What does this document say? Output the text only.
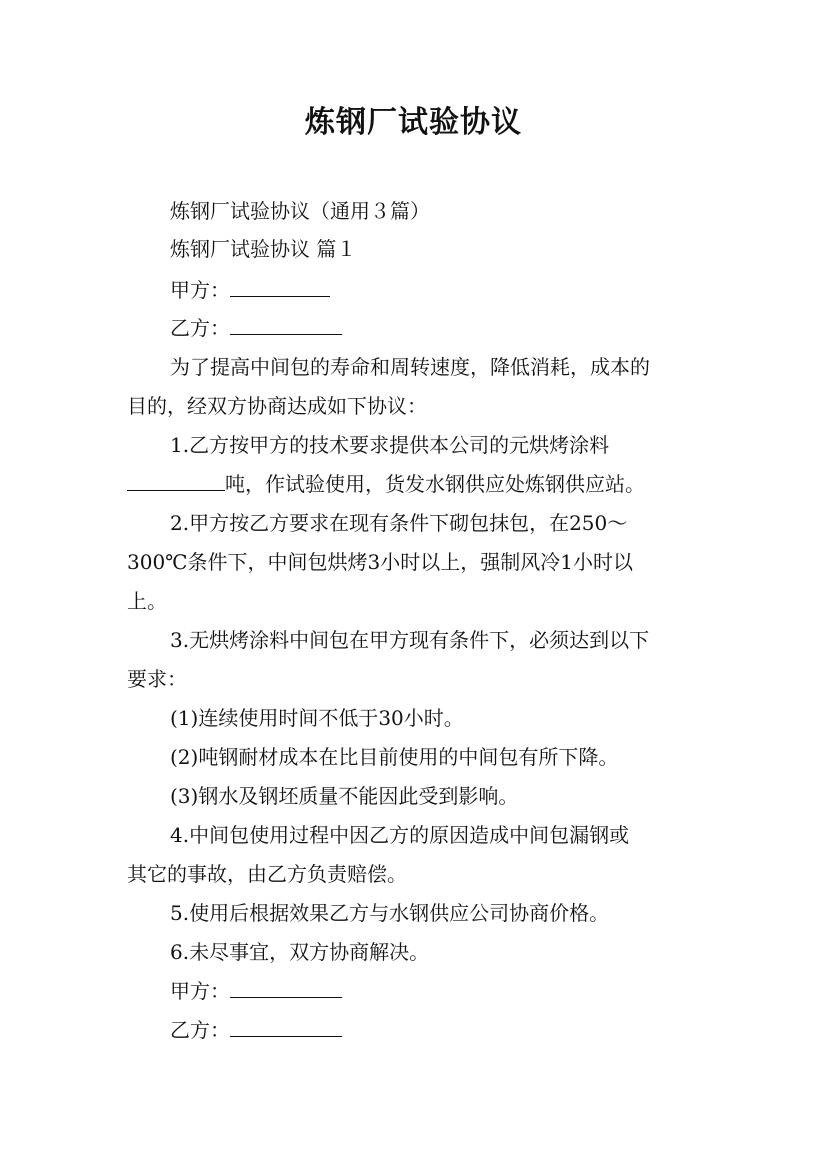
炼钢厂试验协议
炼钢厂试验协议（通用３篇）
炼钢厂试验协议 篇１
甲方：
乙方：
为了提高中间包的寿命和周转速度，降低消耗，成本的
目的，经双方协商达成如下协议：
1.乙方按甲方的技术要求提供本公司的元烘烤涂料
吨，作试验使用，货发水钢供应处炼钢供应站。
2.甲方按乙方要求在现有条件下砌包抹包，在250～
300℃条件下，中间包烘烤3小时以上，强制风冷1小时以
上。
3.无烘烤涂料中间包在甲方现有条件下，必须达到以下
要求：
(1)连续使用时间不低于30小时。
(2)吨钢耐材成本在比目前使用的中间包有所下降。
(3)钢水及钢坯质量不能因此受到影响。
4.中间包使用过程中因乙方的原因造成中间包漏钢或
其它的事故，由乙方负责赔偿。
5.使用后根据效果乙方与水钢供应公司协商价格。
6.未尽事宜，双方协商解决。
甲方：
乙方：
